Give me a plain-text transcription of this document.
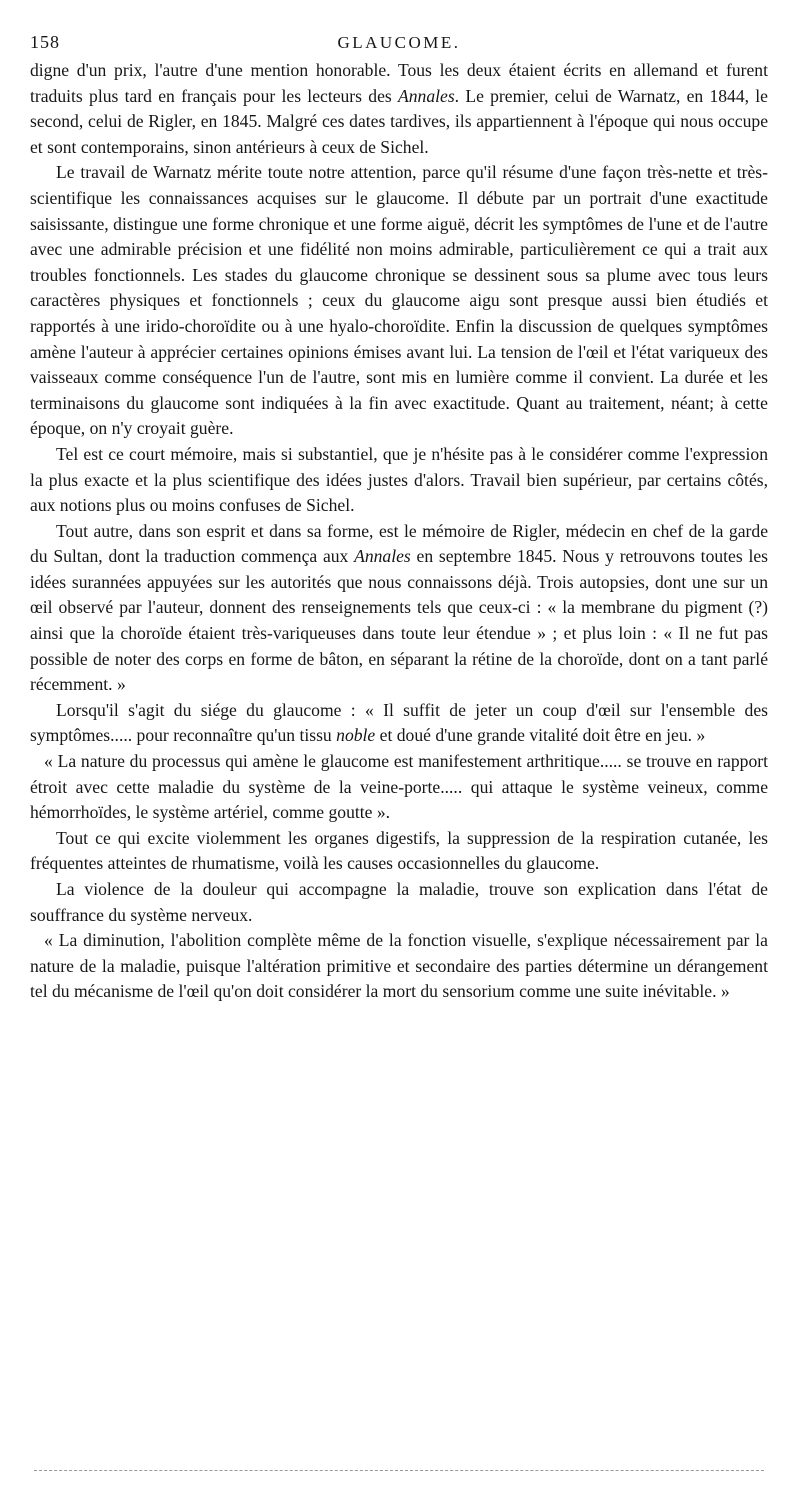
158	GLAUCOME.

digne d'un prix, l'autre d'une mention honorable. Tous les deux étaient écrits en allemand et furent traduits plus tard en français pour les lecteurs des Annales. Le premier, celui de Warnatz, en 1844, le second, celui de Rigler, en 1845. Malgré ces dates tardives, ils appartiennent à l'époque qui nous occupe et sont contemporains, sinon antérieurs à ceux de Sichel.

Le travail de Warnatz mérite toute notre attention, parce qu'il résume d'une façon très-nette et très-scientifique les connaissances acquises sur le glaucome. Il débute par un portrait d'une exactitude saisissante, distingue une forme chronique et une forme aiguë, décrit les symptômes de l'une et de l'autre avec une admirable précision et une fidélité non moins admirable, particulièrement ce qui a trait aux troubles fonctionnels. Les stades du glaucome chronique se dessinent sous sa plume avec tous leurs caractères physiques et fonctionnels ; ceux du glaucome aigu sont presque aussi bien étudiés et rapportés à une irido-choroïdite ou à une hyalo-choroïdite. Enfin la discussion de quelques symptômes amène l'auteur à apprécier certaines opinions émises avant lui. La tension de l'œil et l'état variqueux des vaisseaux comme conséquence l'un de l'autre, sont mis en lumière comme il convient. La durée et les terminaisons du glaucome sont indiquées à la fin avec exactitude. Quant au traitement, néant; à cette époque, on n'y croyait guère.

Tel est ce court mémoire, mais si substantiel, que je n'hésite pas à le considérer comme l'expression la plus exacte et la plus scientifique des idées justes d'alors. Travail bien supérieur, par certains côtés, aux notions plus ou moins confuses de Sichel.

Tout autre, dans son esprit et dans sa forme, est le mémoire de Rigler, médecin en chef de la garde du Sultan, dont la traduction commença aux Annales en septembre 1845. Nous y retrouvons toutes les idées surannées appuyées sur les autorités que nous connaissons déjà. Trois autopsies, dont une sur un œil observé par l'auteur, donnent des renseignements tels que ceux-ci : « la membrane du pigment (?) ainsi que la choroïde étaient très-variqueuses dans toute leur étendue » ; et plus loin : « Il ne fut pas possible de noter des corps en forme de bâton, en séparant la rétine de la choroïde, dont on a tant parlé récemment. »

Lorsqu'il s'agit du siége du glaucome : « Il suffit de jeter un coup d'œil sur l'ensemble des symptômes..... pour reconnaître qu'un tissu noble et doué d'une grande vitalité doit être en jeu. »

« La nature du processus qui amène le glaucome est manifestement arthritique..... se trouve en rapport étroit avec cette maladie du système de la veine-porte..... qui attaque le système veineux, comme hémorrhoïdes, le système artériel, comme goutte ».

Tout ce qui excite violemment les organes digestifs, la suppression de la respiration cutanée, les fréquentes atteintes de rhumatisme, voilà les causes occasionnelles du glaucome.

La violence de la douleur qui accompagne la maladie, trouve son explication dans l'état de souffrance du système nerveux.

« La diminution, l'abolition complète même de la fonction visuelle, s'explique nécessairement par la nature de la maladie, puisque l'altération primitive et secondaire des parties détermine un dérangement tel du mécanisme de l'œil qu'on doit considérer la mort du sensorium comme une suite inévitable. »
